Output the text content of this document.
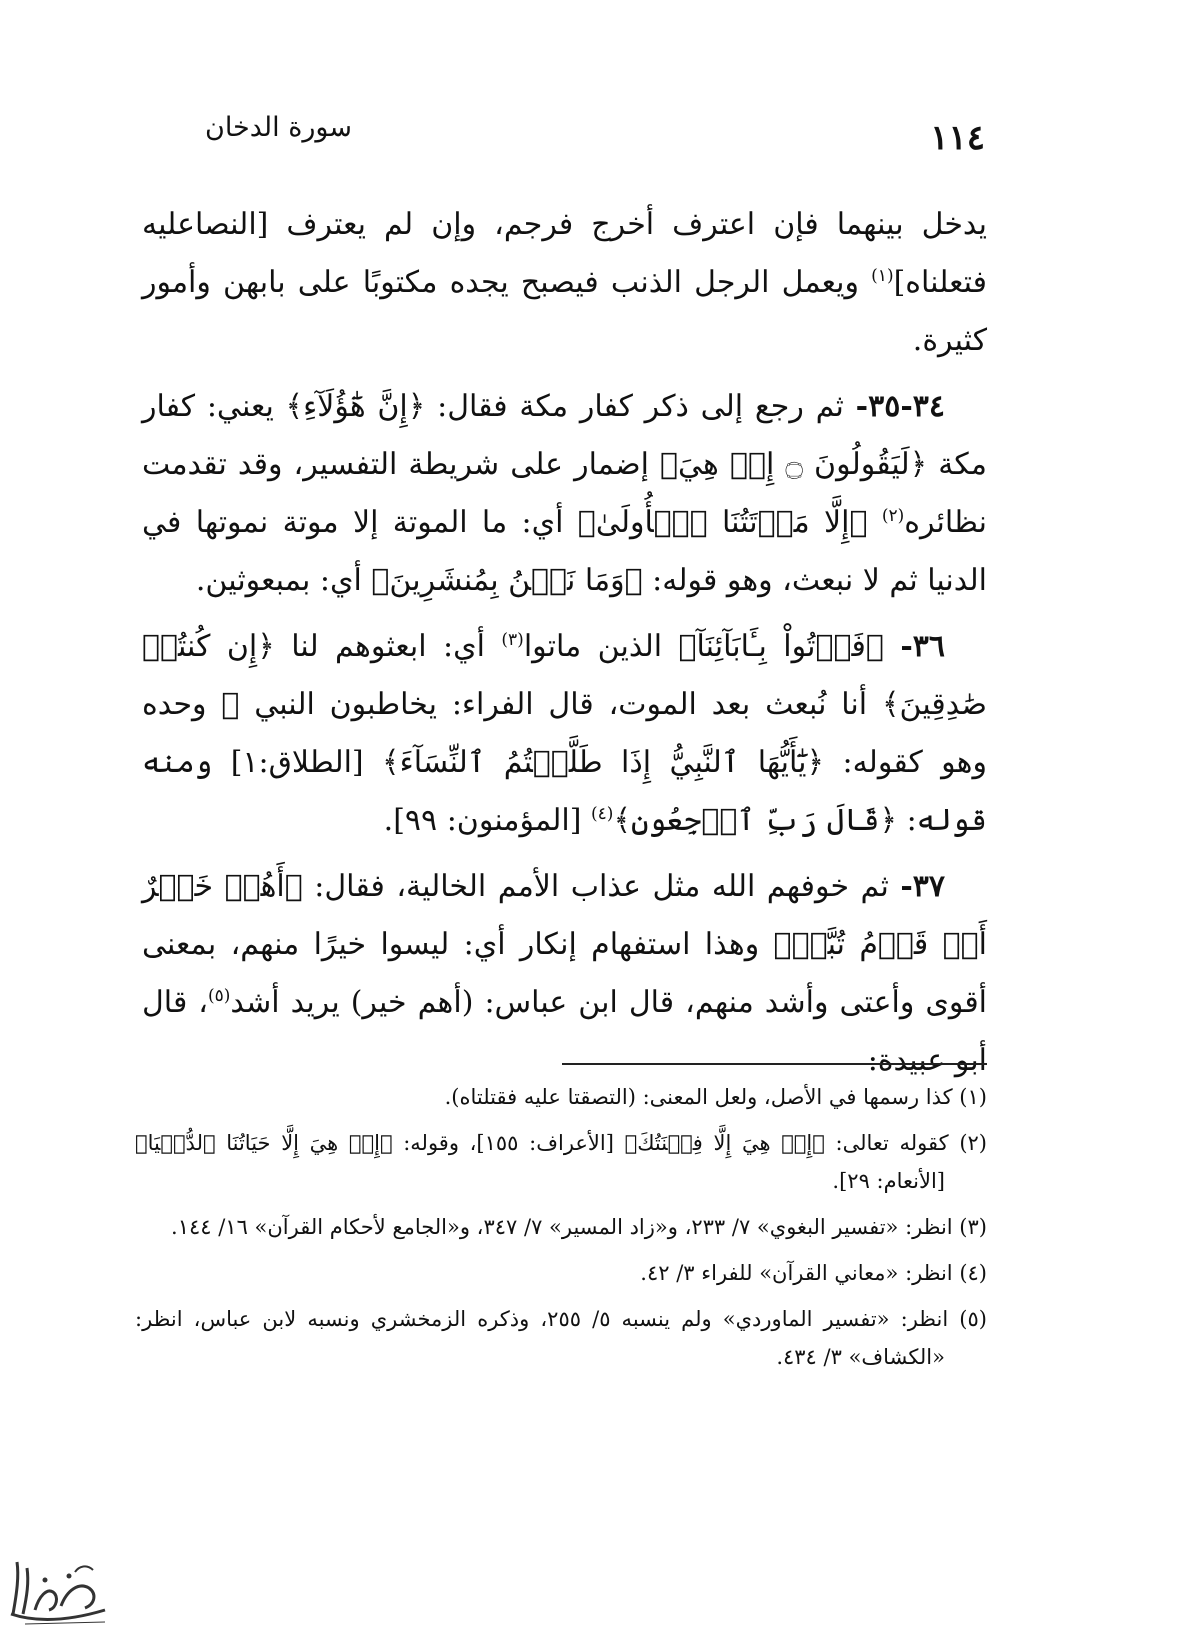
١١٤
سورة الدخان

يدخل بينهما فإن اعترف أخرج فرجم، وإن لم يعترف [النصاعليه فتعلناه]$^{(١)}$ ويعمل الرجل الذنب فيصبح يجده مكتوبًا على بابهن وأمور كثيرة.

٣٤-٣٥- ثم رجع إلى ذكر كفار مكة فقال: ﴿إِنَّ هَٰٓؤُلَآءِ﴾ يعني: كفار مكة ﴿لَيَقُولُونَ ۝ إِنۡ هِيَ﴾ إضمار على شريطة التفسير، وقد تقدمت نظائره$^{(٢)}$ ﴿إِلَّا مَوۡتَتُنَا ٱلۡأُولَىٰ﴾ أي: ما الموتة إلا موتة نموتها في الدنيا ثم لا نبعث، وهو قوله: ﴿وَمَا نَحۡنُ بِمُنشَرِينَ﴾ أي: بمبعوثين.

٣٦- ﴿فَأۡتُواْ بِـَٔابَآئِنَآ﴾ الذين ماتوا$^{(٣)}$ أي: ابعثوهم لنا ﴿إِن كُنتُمۡ صَٰدِقِينَ﴾ أنا نُبعث بعد الموت، قال الفراء: يخاطبون النبي ﷺ وحده وهو كقوله: ﴿يَٰٓأَيُّهَا ٱلنَّبِيُّ إِذَا طَلَّقۡتُمُ ٱلنِّسَآءَ﴾ [الطلاق:١] ومنه قوله: ﴿قَالَ رَبِّ ٱرۡجِعُونِ﴾$^{(٤)}$ [المؤمنون: ٩٩].

٣٧- ثم خوفهم الله مثل عذاب الأمم الخالية، فقال: ﴿أَهُمۡ خَيۡرٌ أَمۡ قَوۡمُ تُبَّعٖ﴾ وهذا استفهام إنكار أي: ليسوا خيرًا منهم، بمعنى أقوى وأعتى وأشد منهم، قال ابن عباس: (أهم خير) يريد أشد$^{(٥)}$، قال أبو عبيدة:

(١) كذا رسمها في الأصل، ولعل المعنى: (التصقتا عليه فقتلتاه).

(٢) كقوله تعالى: ﴿إِنۡ هِيَ إِلَّا فِتۡنَتُكَ﴾ [الأعراف: ١٥٥]، وقوله: ﴿إِنۡ هِيَ إِلَّا حَيَاتُنَا ٱلدُّنۡيَا﴾ [الأنعام: ٢٩].

(٣) انظر: «تفسير البغوي» ٧/ ٢٣٣، و«زاد المسير» ٧/ ٣٤٧، و«الجامع لأحكام القرآن» ١٦/ ١٤٤.

(٤) انظر: «معاني القرآن» للفراء ٣/ ٤٢.

(٥) انظر: «تفسير الماوردي» ولم ينسبه ٥/ ٢٥٥، وذكره الزمخشري ونسبه لابن عباس، انظر: «الكشاف» ٣/ ٤٣٤.
